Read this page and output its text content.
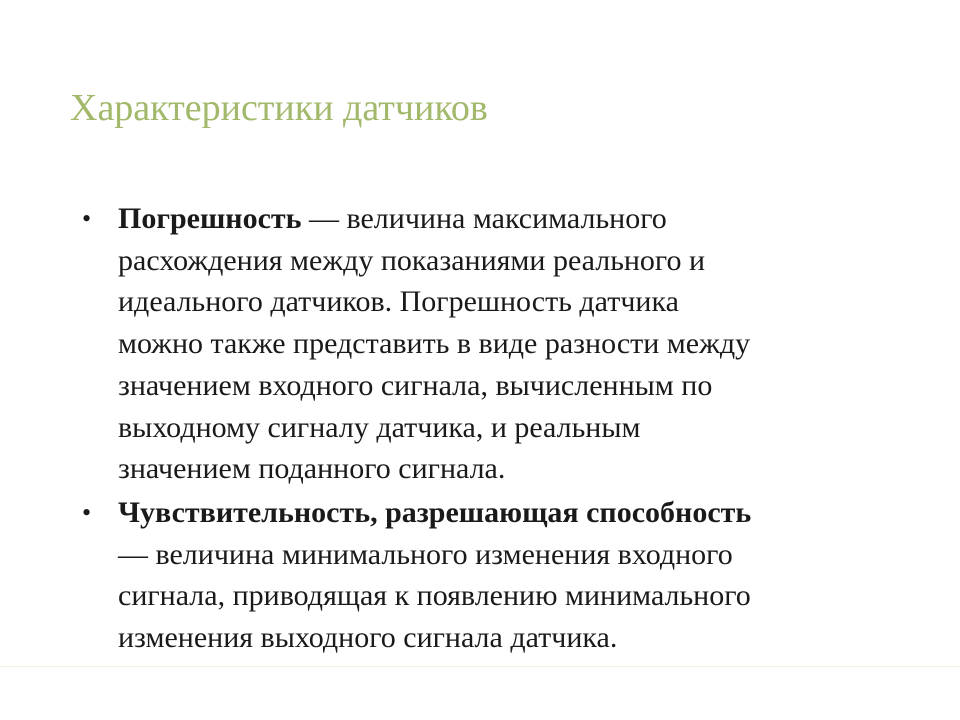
Характеристики датчиков
• Погрешность — величина максимального
расхождения между показаниями реального и
идеального датчиков. Погрешность датчика
можно также представить в виде разности между
значением входного сигнала, вычисленным по
выходному сигналу датчика, и реальным
значением поданного сигнала.
• Чувствительность, разрешающая способность
— величина минимального изменения входного
сигнала, приводящая к появлению минимального
изменения выходного сигнала датчика.
